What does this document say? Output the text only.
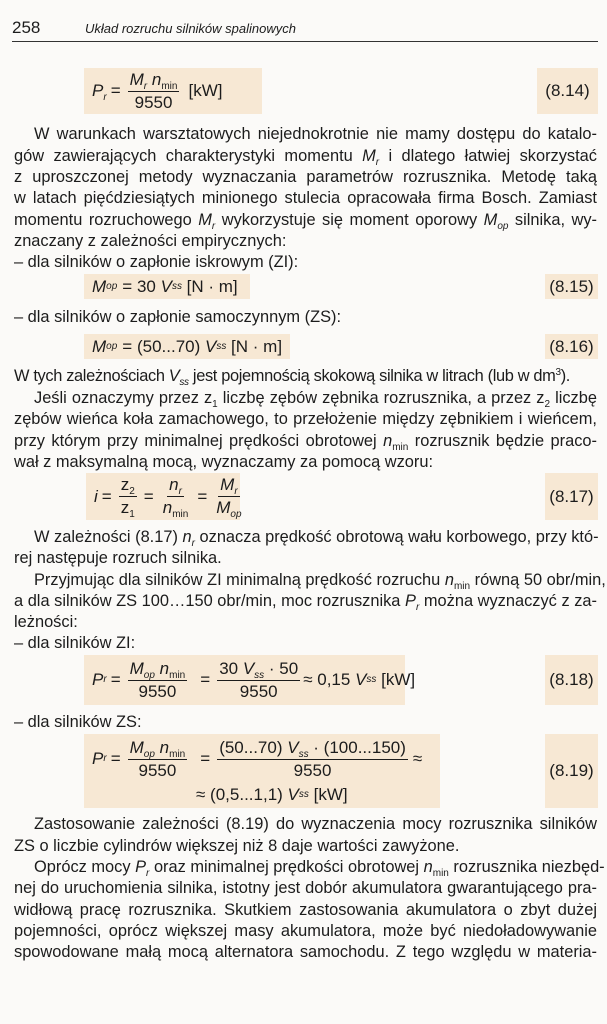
258	Układ rozruchu silników spalinowych
(8.14)
$P_r = \frac{M_r n_{min}}{9550} [kW]$
W warunkach warsztatowych niejednokrotnie nie mamy dostępu do katalo-
gów zawierających charakterystyki momentu $M_r$ i dlatego łatwiej skorzystać
z uproszczonej metody wyznaczania parametrów rozrusznika. Metodę taką
w latach pięćdziesiątych minionego stulecia opracowała firma Bosch. Zamiast
momentu rozruchowego $M_r$ wykorzystuje się moment oporowy $M_{op}$ silnika, wy-
znaczany z zależności empirycznych:
– dla silników o zapłonie iskrowym (ZI):
(8.15)
M op = 30 V ss [N · m]
– dla silników o zapłonie samoczynnym (ZS):
(8.16)
M op = (50...70) V ss [N · m]
W tych zależnościach $V_{ss}$ jest pojemnością skokową silnika w litrach (lub w $dm^3$).
Jeśli oznaczymy przez $z_1$ liczbę zębów zębnika rozrusznika, a przez $z_2$ liczbę
zębów wieńca koła zamachowego, to przełożenie między zębnikiem i wieńcem,
przy którym przy minimalnej prędkości obrotowej $n_{min}$ rozrusznik będzie praco-
wał z maksymalną mocą, wyznaczamy za pomocą wzoru:
(8.17)
$i = \frac{z_2}{z_1} = \frac{n_r}{n_{min}} = \frac{M_r}{M_{op}}$
W zależności (8.17) $n_r$ oznacza prędkość obrotową wału korbowego, przy któ-
rej następuje rozruch silnika.
Przyjmując dla silników ZI minimalną prędkość rozruchu $n_{min}$ równą 50 obr/min,
a dla silników ZS 100…150 obr/min, moc rozrusznika $P_r$ można wyznaczyć z za-
leżności:
– dla silników ZI:
(8.18)
P $r = \frac{M_{op} n_{min}}{9550} = \frac{30 V_{ss} \cdot 50}{9550} \approx 0,15$ V ss [kW]
– dla silników ZS:
(8.19)
P $r = \frac{M_{op} n_{min}}{9550} = \frac{(50...70) V_{ss} \cdot (100...150)}{9550}$ ≈
≈ (0,5...1,1) V ss [kW]
Zastosowanie zależności (8.19) do wyznaczenia mocy rozrusznika silników
ZS o liczbie cylindrów większej niż 8 daje wartości zawyżone.
Oprócz mocy $P_r$ oraz minimalnej prędkości obrotowej $n_{min}$ rozrusznika niezbęd-
nej do uruchomienia silnika, istotny jest dobór akumulatora gwarantującego pra-
widłową pracę rozrusznika. Skutkiem zastosowania akumulatora o zbyt dużej
pojemności, oprócz większej masy akumulatora, może być niedoładowywanie
spowodowane małą mocą alternatora samochodu. Z tego względu w materia-
